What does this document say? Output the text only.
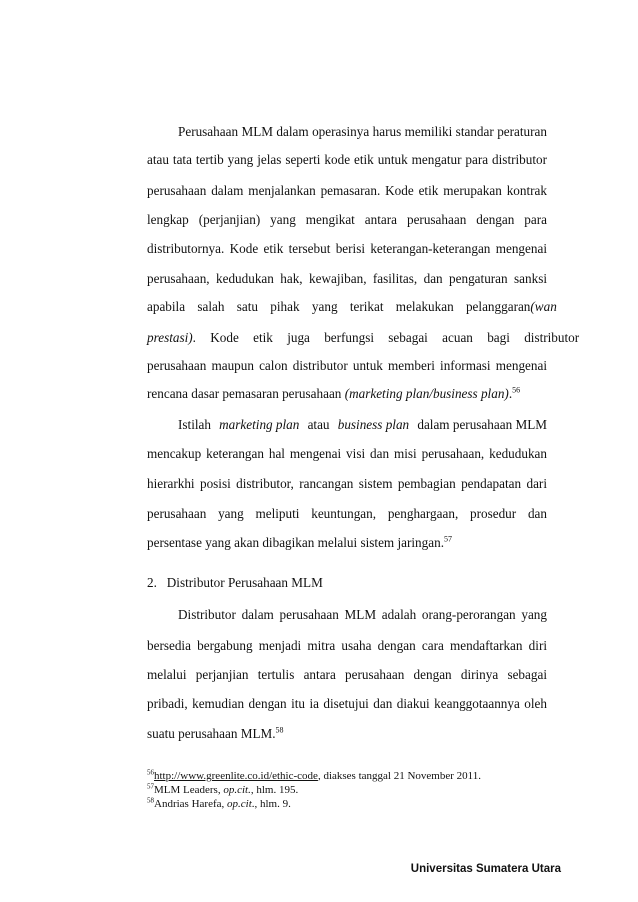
Perusahaan MLM dalam operasinya harus memiliki standar peraturan
atau tata tertib yang jelas seperti kode etik untuk mengatur para distributor
perusahaan dalam menjalankan pemasaran. Kode etik merupakan kontrak
lengkap (perjanjian) yang mengikat antara perusahaan dengan para
distributornya. Kode etik tersebut berisi keterangan-keterangan mengenai
perusahaan, kedudukan hak, kewajiban, fasilitas, dan pengaturan sanksi
apabila salah satu pihak yang terikat melakukan pelanggaran (wan
prestasi) . Kode etik juga berfungsi sebagai acuan bagi distributor
perusahaan maupun calon distributor untuk memberi informasi mengenai
rencana dasar pemasaran perusahaan (marketing plan/business plan).$^{56}$
Istilah marketing plan atau business plan dalam perusahaan MLM
mencakup keterangan hal mengenai visi dan misi perusahaan, kedudukan
hierarkhi posisi distributor, rancangan sistem pembagian pendapatan dari
perusahaan yang meliputi keuntungan, penghargaan, prosedur dan
persentase yang akan dibagikan melalui sistem jaringan.$^{57}$
2.   Distributor Perusahaan MLM
Distributor dalam perusahaan MLM adalah orang-perorangan yang
bersedia bergabung menjadi mitra usaha dengan cara mendaftarkan diri
melalui perjanjian tertulis antara perusahaan dengan dirinya sebagai
pribadi, kemudian dengan itu ia disetujui dan diakui keanggotaannya oleh
suatu perusahaan MLM.$^{58}$
$^{56}$http://www.greenlite.co.id/ethic-code, diakses tanggal 21 November 2011.
$^{57}$MLM Leaders, op.cit., hlm. 195.
$^{58}$Andrias Harefa, op.cit., hlm. 9.
Universitas Sumatera Utara
